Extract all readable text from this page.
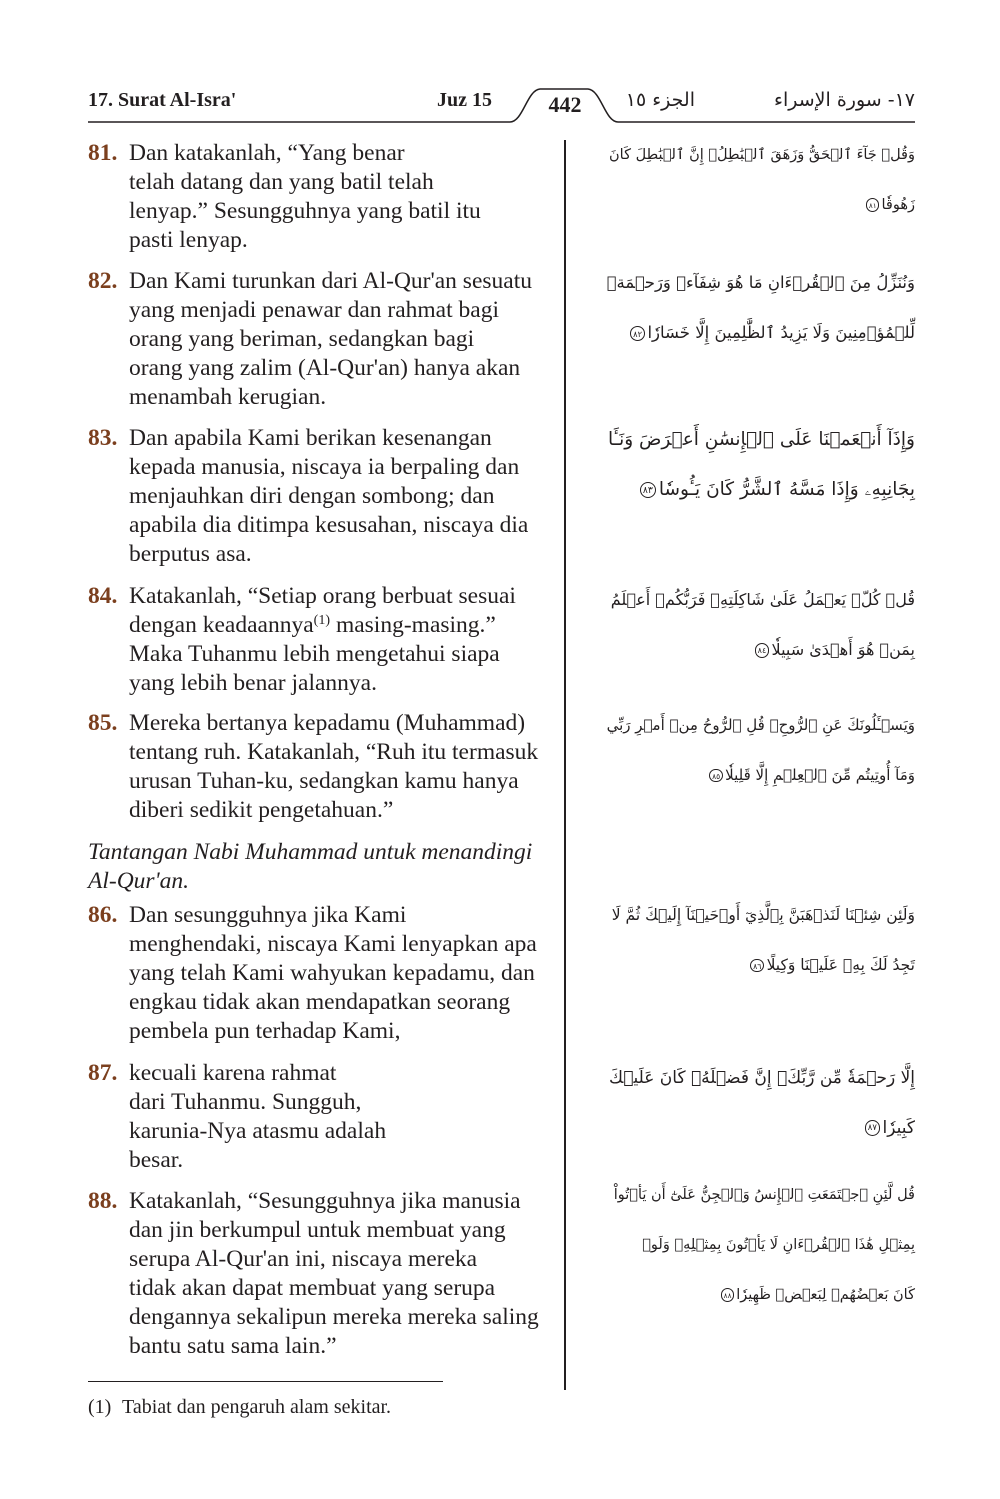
17. Surat Al-Isra'	Juz 15	442	الجزء ١٥	١٧- سورة الإسراء
81. Dan katakanlah, “Yang benar
telah datang dan yang batil telah
lenyap.” Sesungguhnya yang batil itu
pasti lenyap.
وَقُلۡ جَآءَ ٱلۡحَقُّ وَزَهَقَ ٱلۡبَٰطِلُۚ إِنَّ ٱلۡبَٰطِلَ كَانَ
زَهُوقٗا٨١
82. Dan Kami turunkan dari Al-Qur'an sesuatu
yang menjadi penawar dan rahmat bagi
orang yang beriman, sedangkan bagi
orang yang zalim (Al-Qur'an) hanya akan
menambah kerugian.
وَنُنَزِّلُ مِنَ ٱلۡقُرۡءَانِ مَا هُوَ شِفَآءٞ وَرَحۡمَةٞ
لِّلۡمُؤۡمِنِينَ وَلَا يَزِيدُ ٱلظَّٰلِمِينَ إِلَّا خَسَارٗا٨٢
83. Dan apabila Kami berikan kesenangan
kepada manusia, niscaya ia berpaling dan
menjauhkan diri dengan sombong; dan
apabila dia ditimpa kesusahan, niscaya dia
berputus asa.
وَإِذَآ أَنۡعَمۡنَا عَلَى ٱلۡإِنسَٰنِ أَعۡرَضَ وَنَـَٔا
بِجَانِبِهِۦ وَإِذَا مَسَّهُ ٱلشَّرُّ كَانَ يَـُٔوسٗا٨٣
84. Katakanlah, “Setiap orang berbuat sesuai
dengan keadaannya$^{(1)}$ masing-masing.”
Maka Tuhanmu lebih mengetahui siapa
yang lebih benar jalannya.
قُلۡ كُلّٞ يَعۡمَلُ عَلَىٰ شَاكِلَتِهِۦ فَرَبُّكُمۡ أَعۡلَمُ
بِمَنۡ هُوَ أَهۡدَىٰ سَبِيلٗا٨٤
85. Mereka bertanya kepadamu (Muhammad)
tentang ruh. Katakanlah, “Ruh itu termasuk
urusan Tuhan-ku, sedangkan kamu hanya
diberi sedikit pengetahuan.”
وَيَسۡـَٔلُونَكَ عَنِ ٱلرُّوحِۖ قُلِ ٱلرُّوحُ مِنۡ أَمۡرِ رَبِّي
وَمَآ أُوتِيتُم مِّنَ ٱلۡعِلۡمِ إِلَّا قَلِيلٗا٨٥
Tantangan Nabi Muhammad untuk menandingi
Al-Qur'an.
86. Dan sesungguhnya jika Kami
menghendaki, niscaya Kami lenyapkan apa
yang telah Kami wahyukan kepadamu, dan
engkau tidak akan mendapatkan seorang
pembela pun terhadap Kami,
وَلَئِن شِئۡنَا لَنَذۡهَبَنَّ بِٱلَّذِيٓ أَوۡحَيۡنَآ إِلَيۡكَ ثُمَّ لَا
تَجِدُ لَكَ بِهِۦ عَلَيۡنَا وَكِيلًا٨٦
87. kecuali karena rahmat
dari Tuhanmu. Sungguh,
karunia-Nya atasmu adalah
besar.
إِلَّا رَحۡمَةٗ مِّن رَّبِّكَۚ إِنَّ فَضۡلَهُۥ كَانَ عَلَيۡكَ
كَبِيرٗا٨٧
88. Katakanlah, “Sesungguhnya jika manusia
dan jin berkumpul untuk membuat yang
serupa Al-Qur'an ini, niscaya mereka
tidak akan dapat membuat yang serupa
dengannya sekalipun mereka mereka saling
bantu satu sama lain.”
قُل لَّئِنِ ٱجۡتَمَعَتِ ٱلۡإِنسُ وَٱلۡجِنُّ عَلَىٰٓ أَن يَأۡتُواْ
بِمِثۡلِ هَٰذَا ٱلۡقُرۡءَانِ لَا يَأۡتُونَ بِمِثۡلِهِۦ وَلَوۡ
كَانَ بَعۡضُهُمۡ لِبَعۡضٖ ظَهِيرٗا٨٨
(1) Tabiat dan pengaruh alam sekitar.
